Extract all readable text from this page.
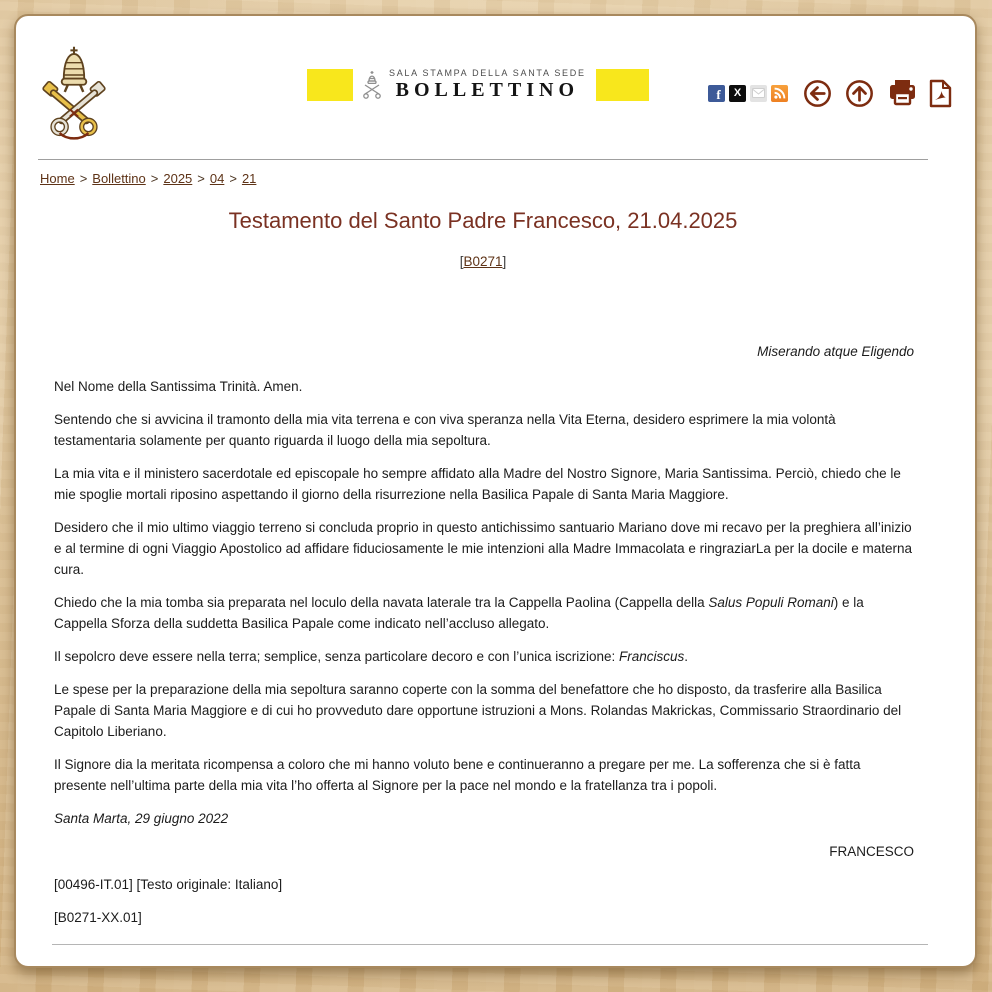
SALA STAMPA DELLA SANTA SEDE
BOLLETTINO	f X
Home > Bollettino > 2025 > 04 > 21
Testamento del Santo Padre Francesco, 21.04.2025
[B0271]

Miserando atque Eligendo

Nel Nome della Santissima Trinità. Amen.

Sentendo che si avvicina il tramonto della mia vita terrena e con viva speranza nella Vita Eterna, desidero esprimere la mia volontà testamentaria solamente per quanto riguarda il luogo della mia sepoltura.

La mia vita e il ministero sacerdotale ed episcopale ho sempre affidato alla Madre del Nostro Signore, Maria Santissima. Perciò, chiedo che le mie spoglie mortali riposino aspettando il giorno della risurrezione nella Basilica Papale di Santa Maria Maggiore.

Desidero che il mio ultimo viaggio terreno si concluda proprio in questo antichissimo santuario Mariano dove mi recavo per la preghiera all’inizio e al termine di ogni Viaggio Apostolico ad affidare fiduciosamente le mie intenzioni alla Madre Immacolata e ringraziarLa per la docile e materna cura.

Chiedo che la mia tomba sia preparata nel loculo della navata laterale tra la Cappella Paolina (Cappella della Salus Populi Romani) e la Cappella Sforza della suddetta Basilica Papale come indicato nell’accluso allegato.

Il sepolcro deve essere nella terra; semplice, senza particolare decoro e con l’unica iscrizione: Franciscus.

Le spese per la preparazione della mia sepoltura saranno coperte con la somma del benefattore che ho disposto, da trasferire alla Basilica Papale di Santa Maria Maggiore e di cui ho provveduto dare opportune istruzioni a Mons. Rolandas Makrickas, Commissario Straordinario del Capitolo Liberiano.

Il Signore dia la meritata ricompensa a coloro che mi hanno voluto bene e continueranno a pregare per me. La sofferenza che si è fatta presente nell’ultima parte della mia vita l’ho offerta al Signore per la pace nel mondo e la fratellanza tra i popoli.

Santa Marta, 29 giugno 2022

FRANCESCO

[00496-IT.01] [Testo originale: Italiano]

[B0271-XX.01]
